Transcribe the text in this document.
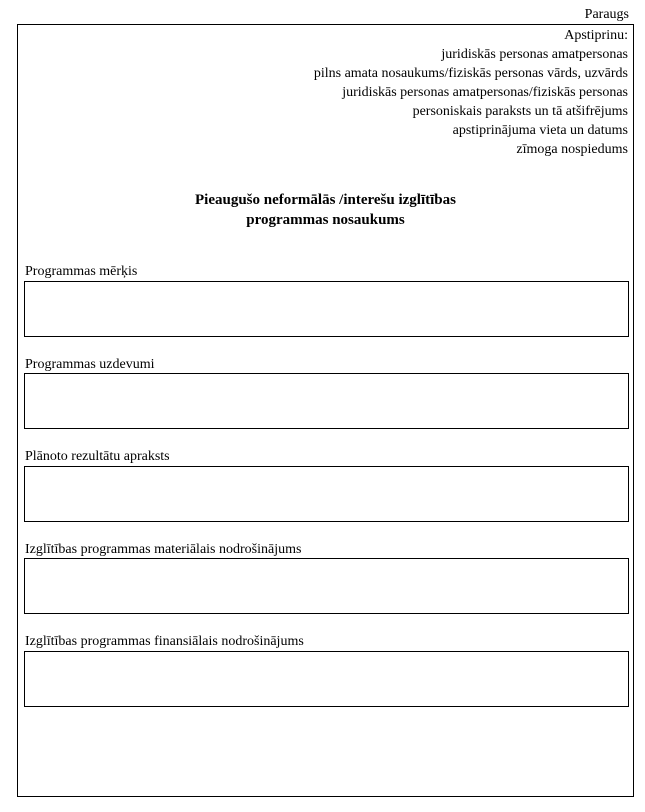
Paraugs
Apstiprinu:
juridiskās personas amatpersonas
pilns amata nosaukums/fiziskās personas vārds, uzvārds
juridiskās personas amatpersonas/fiziskās personas
personiskais paraksts un tā atšifrējums
apstiprinājuma vieta un datums
zīmoga nospiedums
Pieaugušo neformālās /interešu izglītības
programmas nosaukums
Programmas mērķis
Programmas uzdevumi
Plānoto rezultātu apraksts
Izglītības programmas materiālais nodrošinājums
Izglītības programmas finansiālais nodrošinājums
